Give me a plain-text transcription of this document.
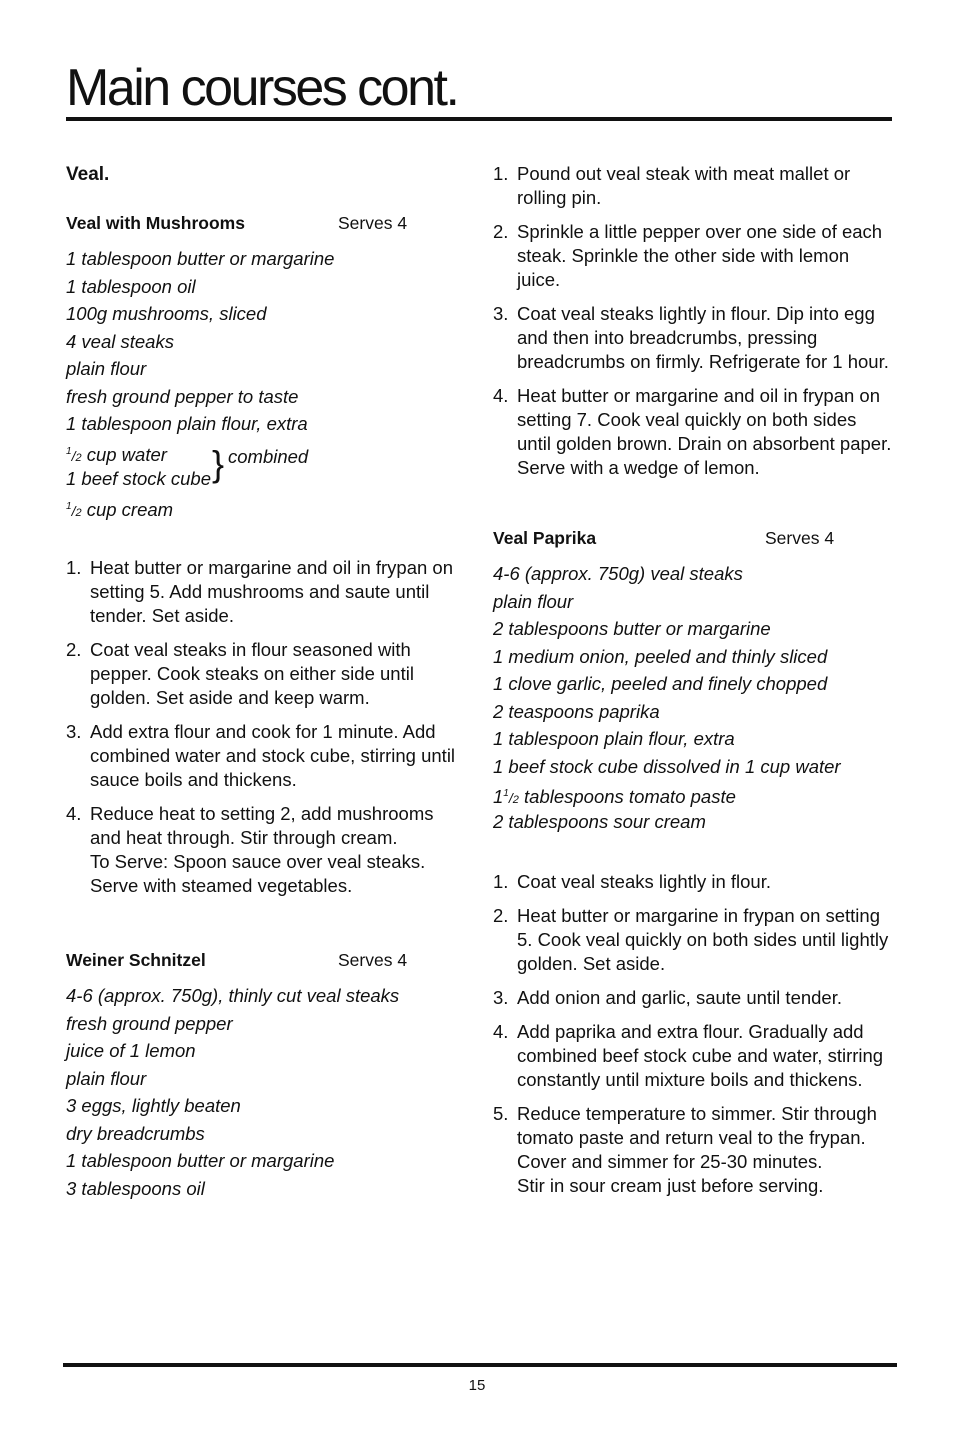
Main courses cont.
Veal.
Veal with Mushrooms	Serves 4
1 tablespoon butter or margarine
1 tablespoon oil
100g mushrooms, sliced
4 veal steaks
plain flour
fresh ground pepper to taste
1 tablespoon plain flour, extra
$^1$/2 cup water
1 beef stock cube } combined
$^1$/2 cup cream
1. Heat butter or margarine and oil in frypan on setting 5. Add mushrooms and saute until tender. Set aside.
2. Coat veal steaks in flour seasoned with pepper. Cook steaks on either side until golden. Set aside and keep warm.
3. Add extra flour and cook for 1 minute. Add combined water and stock cube, stirring until sauce boils and thickens.
4. Reduce heat to setting 2, add mushrooms and heat through. Stir through cream.
To Serve: Spoon sauce over veal steaks. Serve with steamed vegetables.
Weiner Schnitzel	Serves 4
4-6 (approx. 750g), thinly cut veal steaks
fresh ground pepper
juice of 1 lemon
plain flour
3 eggs, lightly beaten
dry breadcrumbs
1 tablespoon butter or margarine
3 tablespoons oil
1. Pound out veal steak with meat mallet or rolling pin.
2. Sprinkle a little pepper over one side of each steak. Sprinkle the other side with lemon juice.
3. Coat veal steaks lightly in flour. Dip into egg and then into breadcrumbs, pressing breadcrumbs on firmly. Refrigerate for 1 hour.
4. Heat butter or margarine and oil in frypan on setting 7. Cook veal quickly on both sides until golden brown. Drain on absorbent paper. Serve with a wedge of lemon.
Veal Paprika	Serves 4
4-6 (approx. 750g) veal steaks
plain flour
2 tablespoons butter or margarine
1 medium onion, peeled and thinly sliced
1 clove garlic, peeled and finely chopped
2 teaspoons paprika
1 tablespoon plain flour, extra
1 beef stock cube dissolved in 1 cup water
$1^1/2$ tablespoons tomato paste
2 tablespoons sour cream
1. Coat veal steaks lightly in flour.
2. Heat butter or margarine in frypan on setting 5. Cook veal quickly on both sides until lightly golden. Set aside.
3. Add onion and garlic, saute until tender.
4. Add paprika and extra flour. Gradually add combined beef stock cube and water, stirring constantly until mixture boils and thickens.
5. Reduce temperature to simmer. Stir through tomato paste and return veal to the frypan. Cover and simmer for 25-30 minutes.
Stir in sour cream just before serving.
15
